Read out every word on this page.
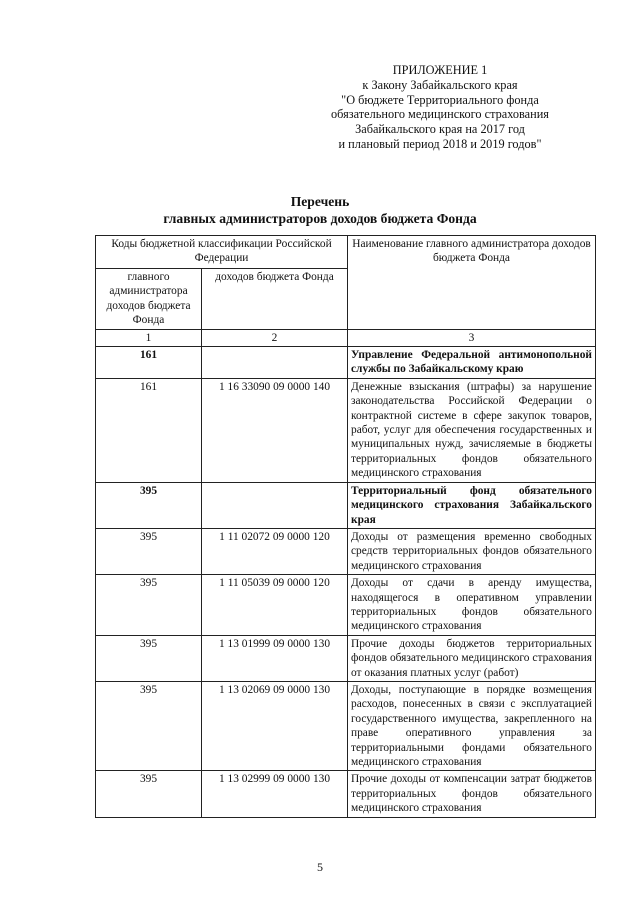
ПРИЛОЖЕНИЕ 1
к Закону Забайкальского края
"О бюджете Территориального фонда
обязательного медицинского страхования
Забайкальского края на 2017 год
и плановый период 2018 и 2019 годов"
Перечень
главных администраторов доходов бюджета Фонда
Коды бюджетной классификации Российской Федерации		Наименование главного администратора доходов бюджета Фонда
главного администратора доходов бюджета Фонда	доходов бюджета Фонда	
1	2	3
161		Управление Федеральной антимонопольной службы по Забайкальскому краю
161	1 16 33090 09 0000 140	Денежные взыскания (штрафы) за нарушение законодательства Российской Федерации о контрактной системе в сфере закупок товаров, работ, услуг для обеспечения государственных и муниципальных нужд, зачисляемые в бюджеты территориальных фондов обязательного медицинского страхования
395		Территориальный фонд обязательного медицинского страхования Забайкальского края
395	1 11 02072 09 0000 120	Доходы от размещения временно свободных средств территориальных фондов обязательного медицинского страхования
395	1 11 05039 09 0000 120	Доходы от сдачи в аренду имущества, находящегося в оперативном управлении территориальных фондов обязательного медицинского страхования
395	1 13 01999 09 0000 130	Прочие доходы бюджетов территориальных фондов обязательного медицинского страхования от оказания платных услуг (работ)
395	1 13 02069 09 0000 130	Доходы, поступающие в порядке возмещения расходов, понесенных в связи с эксплуатацией государственного имущества, закрепленного на праве оперативного управления за территориальными фондами обязательного медицинского страхования
395	1 13 02999 09 0000 130	Прочие доходы от компенсации затрат бюджетов территориальных фондов обязательного медицинского страхования
5
